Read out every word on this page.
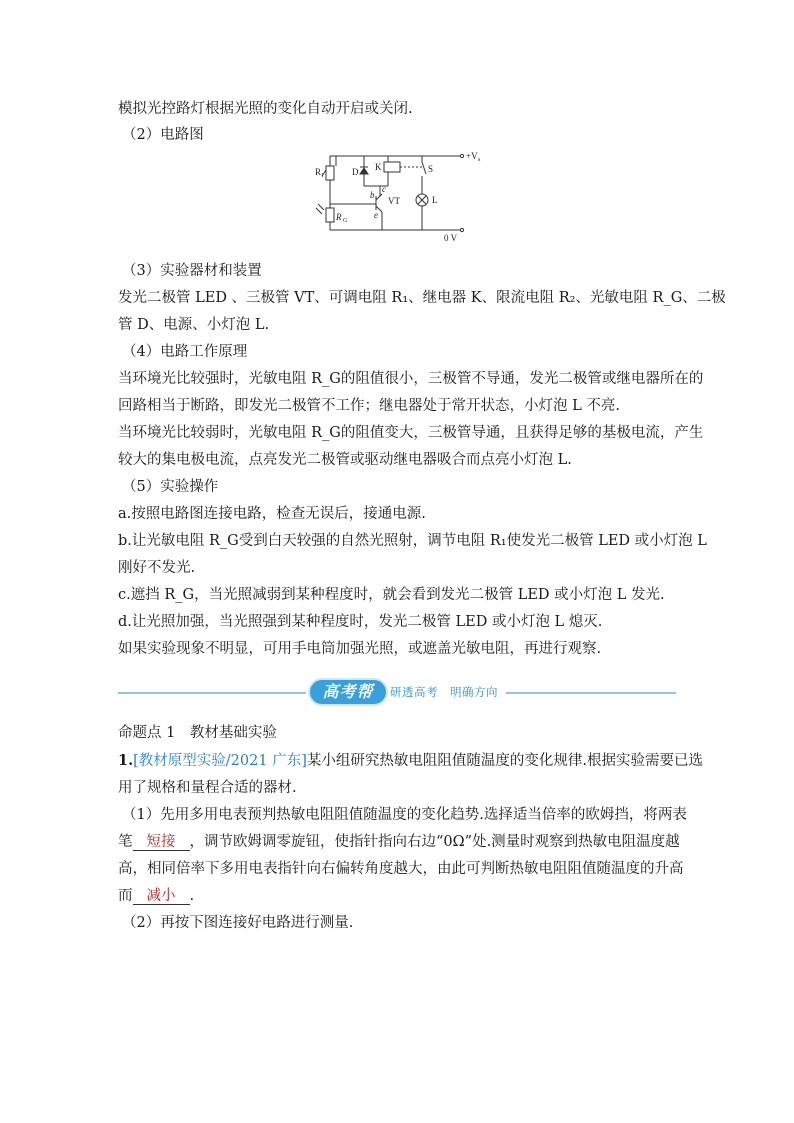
模拟光控路灯根据光照的变化自动开启或关闭.
（2）电路图
R₁	D K	S
+V s
VT
b
c
e
L
R G
0 V
（3）实验器材和装置
发光二极管 LED 、三极管 VT、可调电阻 R₁、继电器 K、限流电阻 R₂、光敏电阻 R_G、二极
管 D、电源、小灯泡 L.
（4）电路工作原理
当环境光比较强时，光敏电阻 R_G的阻值很小，三极管不导通，发光二极管或继电器所在的
回路相当于断路，即发光二极管不工作；继电器处于常开状态，小灯泡 L 不亮.
当环境光比较弱时，光敏电阻 R_G的阻值变大，三极管导通，且获得足够的基极电流，产生
较大的集电极电流，点亮发光二极管或驱动继电器吸合而点亮小灯泡 L.
（5）实验操作
a.按照电路图连接电路，检查无误后，接通电源.
b.让光敏电阻 R_G受到白天较强的自然光照射，调节电阻 R₁使发光二极管 LED 或小灯泡 L
刚好不发光.
c.遮挡 R_G，当光照减弱到某种程度时，就会看到发光二极管 LED 或小灯泡 L 发光.
d.让光照加强，当光照强到某种程度时，发光二极管 LED 或小灯泡 L 熄灭.
如果实验现象不明显，可用手电筒加强光照，或遮盖光敏电阻，再进行观察.
高考帮	研透高考　明确方向
命题点 1　教材基础实验
1.[教材原型实验/2021 广东]某小组研究热敏电阻阻值随温度的变化规律.根据实验需要已选
用了规格和量程合适的器材.
（1）先用多用电表预判热敏电阻阻值随温度的变化趋势.选择适当倍率的欧姆挡，将两表
笔 短接 ，调节欧姆调零旋钮，使指针指向右边“0Ω”处.测量时观察到热敏电阻温度越
高，相同倍率下多用电表指针向右偏转角度越大，由此可判断热敏电阻阻值随温度的升高
而 减小 .
（2）再按下图连接好电路进行测量.
